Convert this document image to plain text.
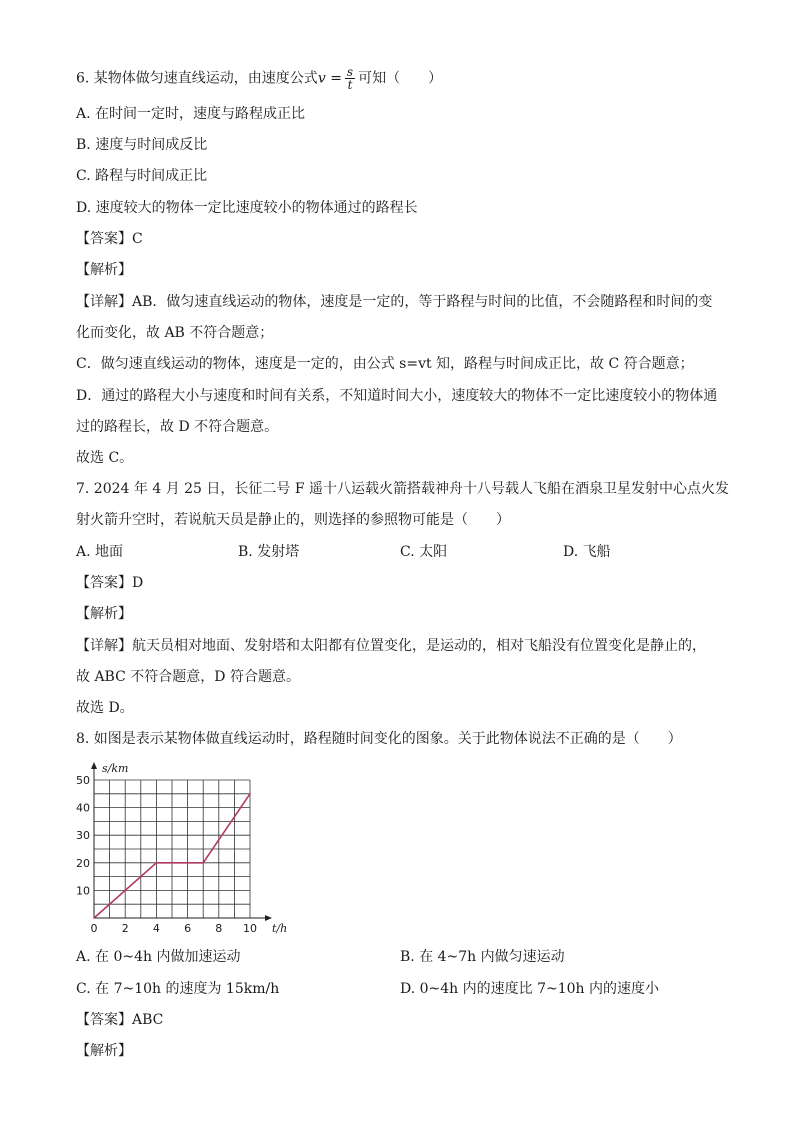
6. 某物体做匀速直线运动，由速度公式$v = \frac{s}{t}$ 可知（　　）
A. 在时间一定时，速度与路程成正比
B. 速度与时间成反比
C. 路程与时间成正比
D. 速度较大的物体一定比速度较小的物体通过的路程长
【答案】C
【解析】
【详解】AB．做匀速直线运动的物体，速度是一定的，等于路程与时间的比值，不会随路程和时间的变
化而变化，故 AB 不符合题意；
C．做匀速直线运动的物体，速度是一定的，由公式 s=vt 知，路程与时间成正比，故 C 符合题意；
D．通过的路程大小与速度和时间有关系，不知道时间大小，速度较大的物体不一定比速度较小的物体通
过的路程长，故 D 不符合题意。
故选 C。
7. 2024 年 4 月 25 日，长征二号 F 遥十八运载火箭搭载神舟十八号载人飞船在酒泉卫星发射中心点火发
射火箭升空时，若说航天员是静止的，则选择的参照物可能是（　　）
A. 地面	B. 发射塔	C. 太阳	D. 飞船
【答案】D
【解析】
【详解】航天员相对地面、发射塔和太阳都有位置变化，是运动的，相对飞船没有位置变化是静止的，
故 ABC 不符合题意，D 符合题意。
故选 D。
8. 如图是表示某物体做直线运动时，路程随时间变化的图象。关于此物体说法不正确的是（　　）
0 2 4 6 8 10
10
20
30
40
50
t/h
s/km
A. 在 0~4h 内做加速运动	B. 在 4~7h 内做匀速运动
C. 在 7~10h 的速度为 15km/h	D. 0~4h 内的速度比 7~10h 内的速度小
【答案】ABC
【解析】
